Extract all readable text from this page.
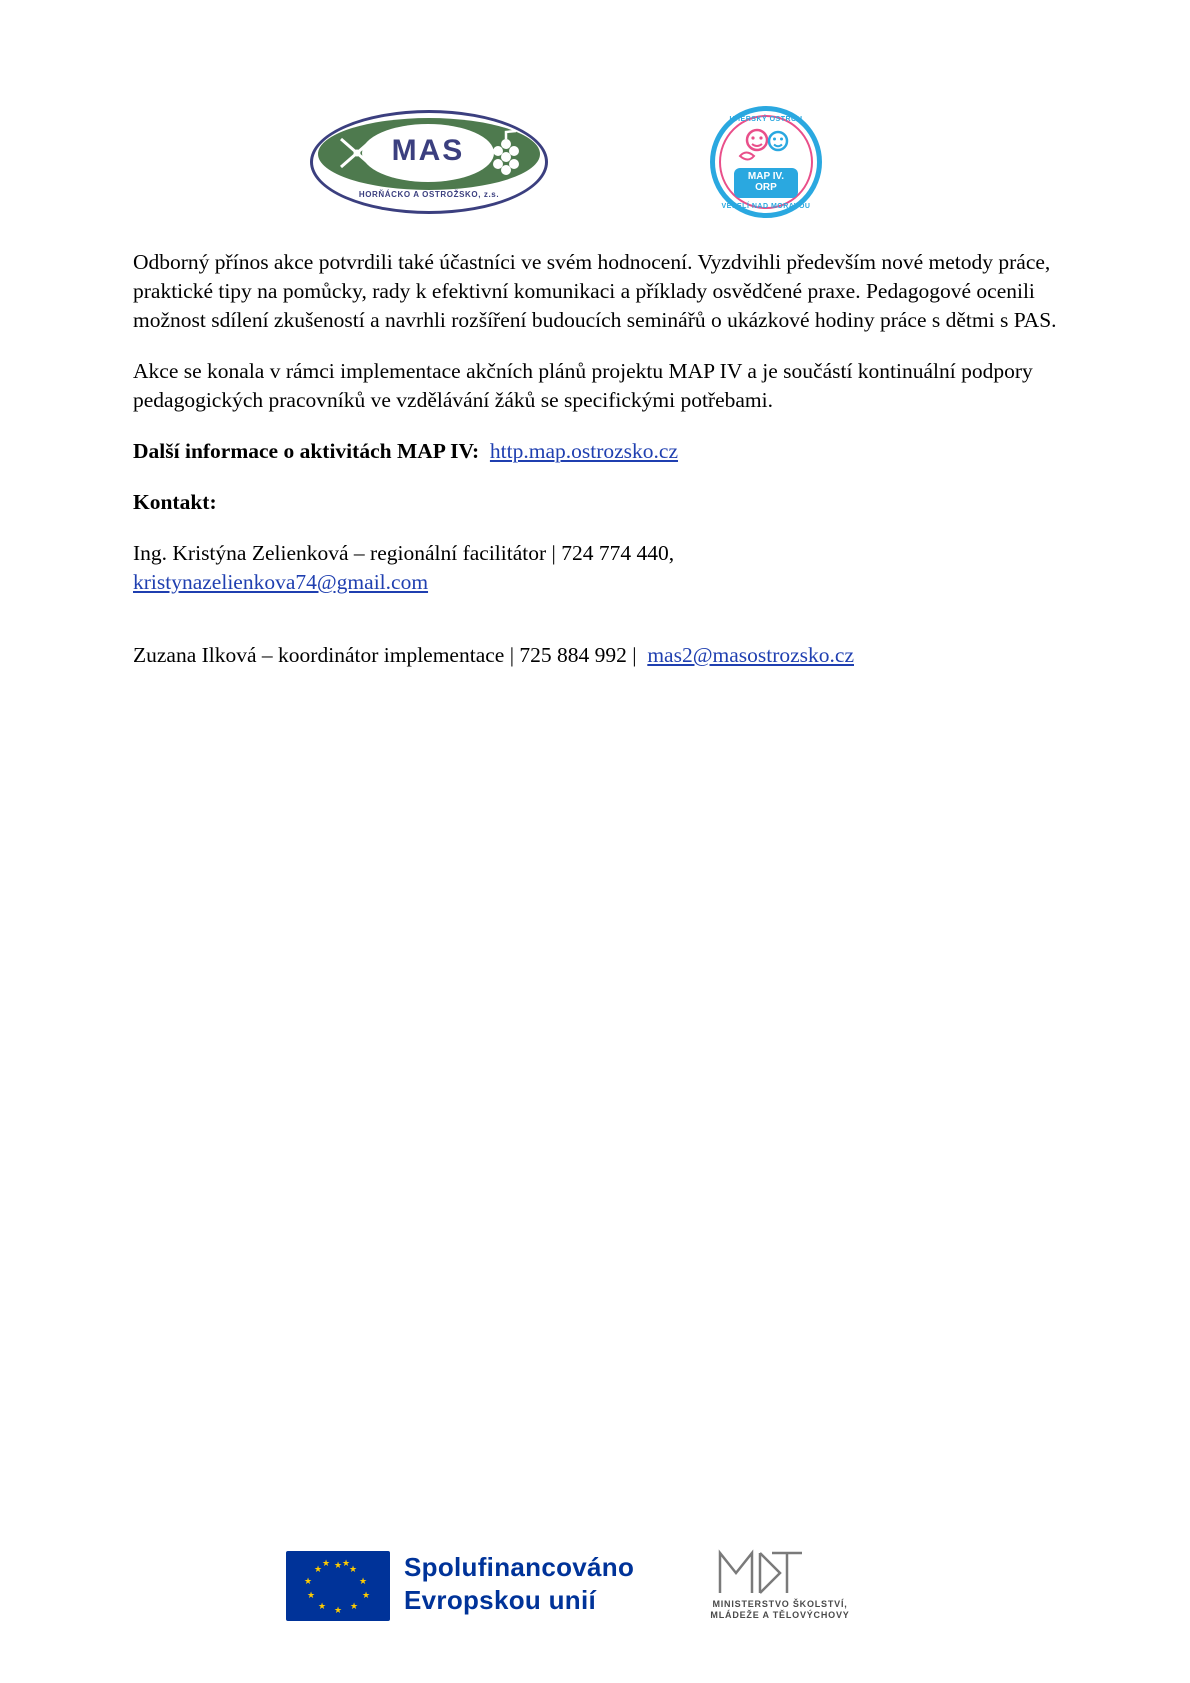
MAS
HORŇÁCKO A OSTROŽSKO, z.s.
UHERSKÝ OSTROH
MAP IV.
ORP
VESELÍ NAD MORAVOU

Odborný přínos akce potvrdili také účastníci ve svém hodnocení. Vyzdvihli především nové metody práce, praktické tipy na pomůcky, rady k efektivní komunikaci a příklady osvědčené praxe. Pedagogové ocenili možnost sdílení zkušeností a navrhli rozšíření budoucích seminářů o ukázkové hodiny práce s dětmi s PAS.

Akce se konala v rámci implementace akčních plánů projektu MAP IV a je součástí kontinuální podpory pedagogických pracovníků ve vzdělávání žáků se specifickými potřebami.

Další informace o aktivitách MAP IV: http.map.ostrozsko.cz

Kontakt:

Ing. Kristýna Zelienková – regionální facilitátor | 724 774 440,
kristynazelienkova74@gmail.com

Zuzana Ilková – koordinátor implementace | 725 884 992 | mas2@masostrozsko.cz

★ ★
★
★
★
★
★
★
★
★
★ ★ Spolufinancováno
Evropskou unií	MINISTERSTVO ŠKOLSTVÍ,
MLÁDEŽE A TĚLOVÝCHOVY
